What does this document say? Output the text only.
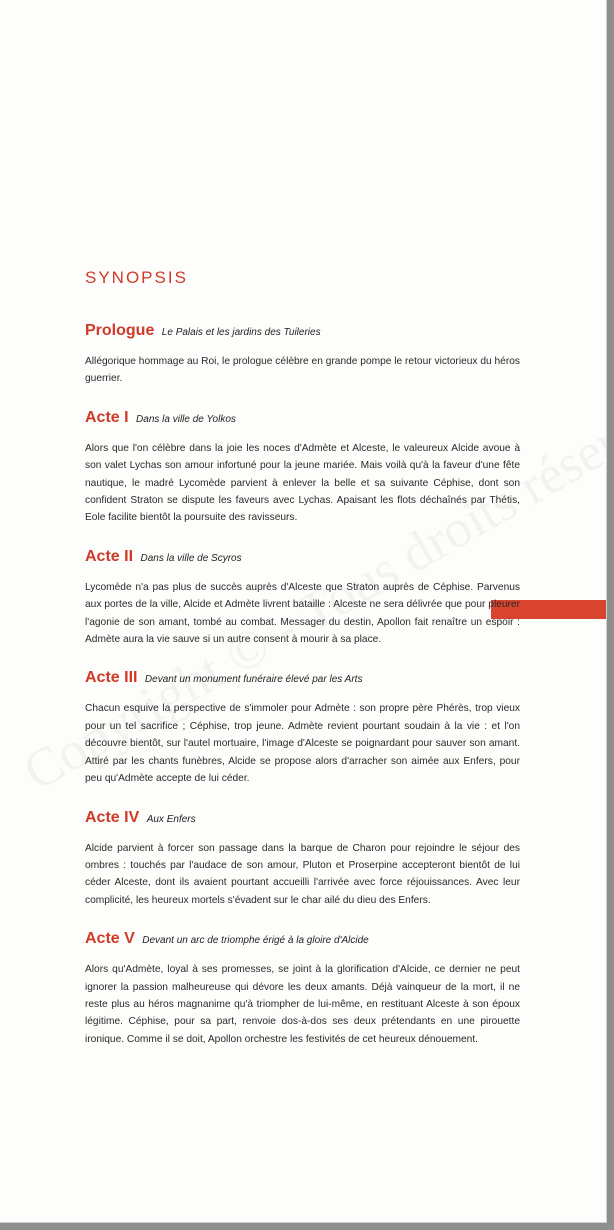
SYNOPSIS

Prologue Le Palais et les jardins des Tuileries

Allégorique hommage au Roi, le prologue célèbre en grande pompe le retour victorieux du héros guerrier.

Acte I Dans la ville de Yolkos

Alors que l'on célèbre dans la joie les noces d'Admète et Alceste, le valeureux Alcide avoue à son valet Lychas son amour infortuné pour la jeune mariée. Mais voilà qu'à la faveur d'une fête nautique, le madré Lycomède parvient à enlever la belle et sa suivante Céphise, dont son confident Straton se dispute les faveurs avec Lychas. Apaisant les flots déchaînés par Thétis, Eole facilite bientôt la poursuite des ravisseurs.

Acte II Dans la ville de Scyros

Lycomède n'a pas plus de succès auprès d'Alceste que Straton auprès de Céphise. Parvenus aux portes de la ville, Alcide et Admète livrent bataille : Alceste ne sera délivrée que pour pleurer l'agonie de son amant, tombé au combat. Messager du destin, Apollon fait renaître un espoir : Admète aura la vie sauve si un autre consent à mourir à sa place.

Acte III Devant un monument funéraire élevé par les Arts

Chacun esquive la perspective de s'immoler pour Admète : son propre père Phérès, trop vieux pour un tel sacrifice ; Céphise, trop jeune. Admète revient pourtant soudain à la vie : et l'on découvre bientôt, sur l'autel mortuaire, l'image d'Alceste se poignardant pour sauver son amant. Attiré par les chants funèbres, Alcide se propose alors d'arracher son aimée aux Enfers, pour peu qu'Admète accepte de lui céder.

Acte IV Aux Enfers

Alcide parvient à forcer son passage dans la barque de Charon pour rejoindre le séjour des ombres : touchés par l'audace de son amour, Pluton et Proserpine accepteront bientôt de lui céder Alceste, dont ils avaient pourtant accueilli l'arrivée avec force réjouissances. Avec leur complicité, les heureux mortels s'évadent sur le char ailé du dieu des Enfers.

Acte V Devant un arc de triomphe érigé à la gloire d'Alcide

Alors qu'Admète, loyal à ses promesses, se joint à la glorification d'Alcide, ce dernier ne peut ignorer la passion malheureuse qui dévore les deux amants. Déjà vainqueur de la mort, il ne reste plus au héros magnanime qu'à triompher de lui-même, en restituant Alceste à son époux légitime. Céphise, pour sa part, renvoie dos-à-dos ses deux prétendants en une pirouette ironique. Comme il se doit, Apollon orchestre les festivités de cet heureux dénouement.
